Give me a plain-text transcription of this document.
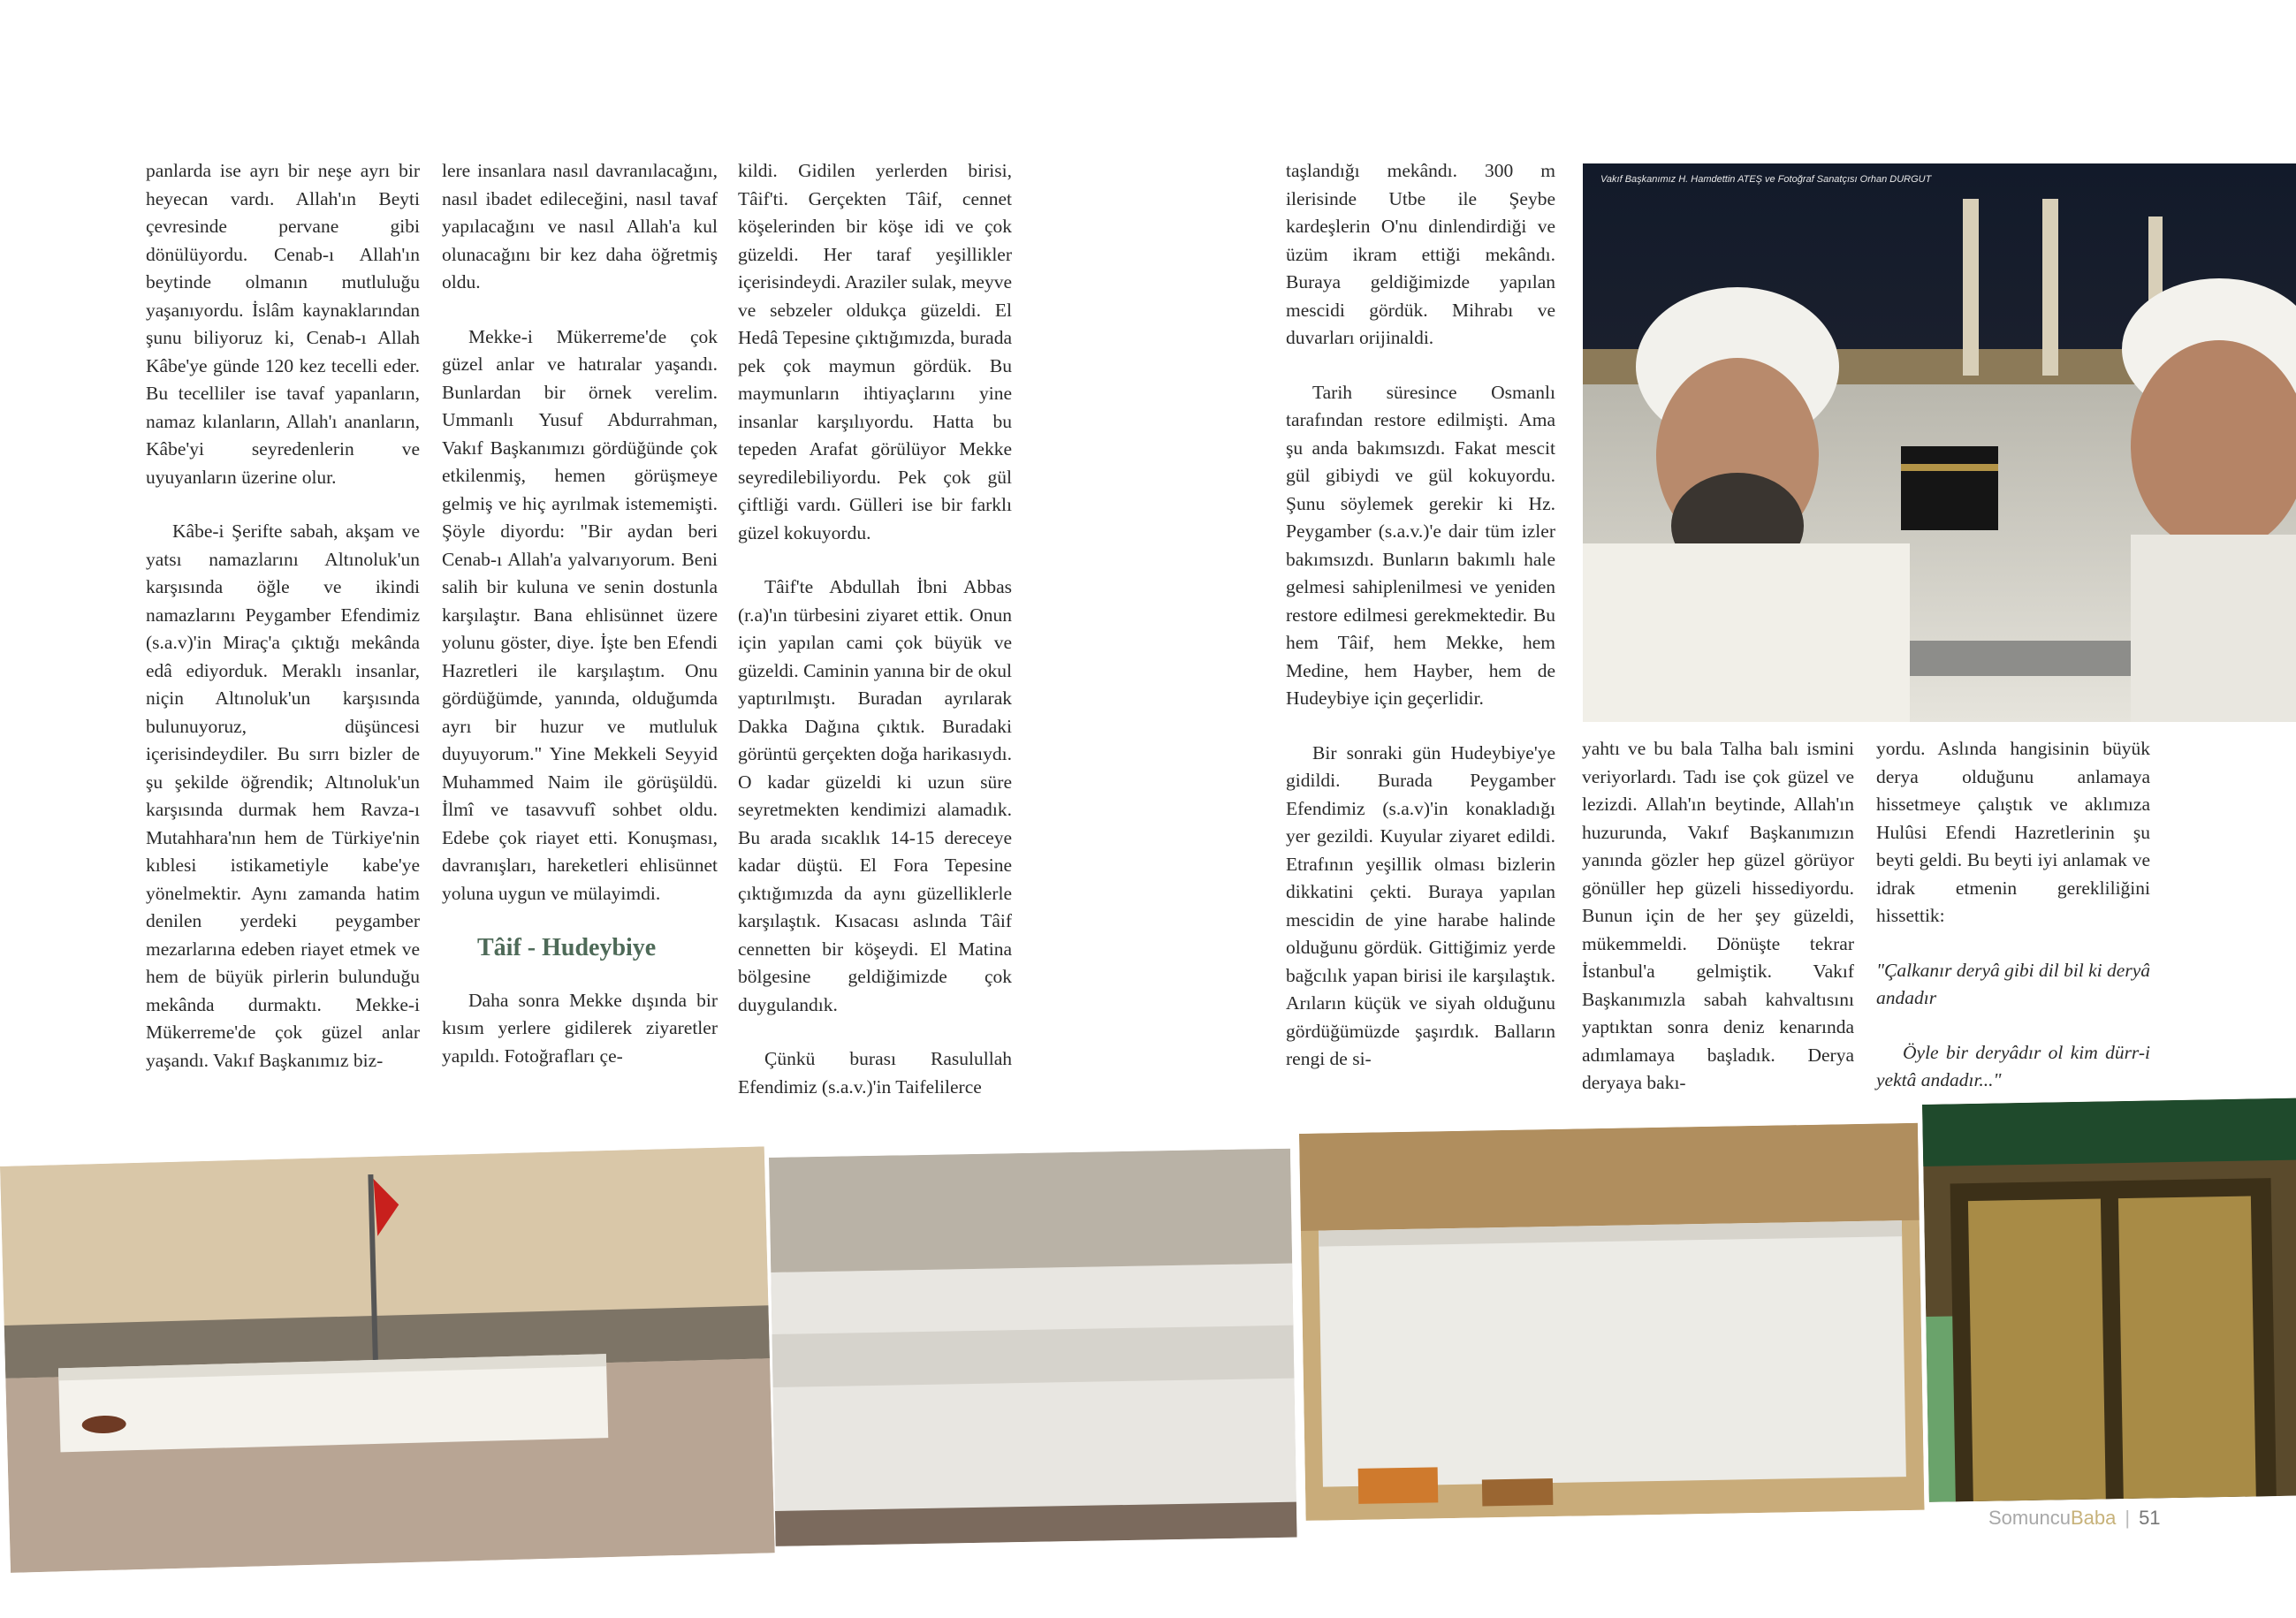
panlarda ise ayrı bir neşe ayrı bir heyecan vardı. Allah'ın Beyti çevresinde pervane gibi dönülüyordu. Cenab-ı Allah'ın beytinde olmanın mutluluğu yaşanıyordu. İslâm kaynaklarından şunu biliyoruz ki, Cenab-ı Allah Kâbe'ye günde 120 kez tecelli eder. Bu tecelliler ise tavaf yapanların, namaz kılanların, Allah'ı ananların, Kâbe'yi seyredenlerin ve uyuyanların üzerine olur.

Kâbe-i Şerifte sabah, akşam ve yatsı namazlarını Altınoluk'un karşısında öğle ve ikindi namazlarını Peygamber Efendimiz (s.a.v)'in Miraç'a çıktığı mekânda edâ ediyorduk. Meraklı insanlar, niçin Altınoluk'un karşısında bulunuyoruz, düşüncesi içerisindeydiler. Bu sırrı bizler de şu şekilde öğrendik; Altınoluk'un karşısında durmak hem Ravza-ı Mutahhara'nın hem de Türkiye'nin kıblesi istikametiyle kabe'ye yönelmektir. Aynı zamanda hatim denilen yerdeki peygamber mezarlarına edeben riayet etmek ve hem de büyük pirlerin bulunduğu mekânda durmaktı. Mekke-i Mükerreme'de çok güzel anlar yaşandı. Vakıf Başkanımız biz-

lere insanlara nasıl davranılacağını, nasıl ibadet edileceğini, nasıl tavaf yapılacağını ve nasıl Allah'a kul olunacağını bir kez daha öğretmiş oldu.

Mekke-i Mükerreme'de çok güzel anlar ve hatıralar yaşandı. Bunlardan bir örnek verelim. Ummanlı Yusuf Abdurrahman, Vakıf Başkanımızı gördüğünde çok etkilenmiş, hemen görüşmeye gelmiş ve hiç ayrılmak istememişti. Şöyle diyordu: "Bir aydan beri Cenab-ı Allah'a yalvarıyorum. Beni salih bir kuluna ve senin dostunla karşılaştır. Bana ehlisünnet üzere yolunu göster, diye. İşte ben Efendi Hazretleri ile karşılaştım. Onu gördüğümde, yanında, olduğumda ayrı bir huzur ve mutluluk duyuyorum." Yine Mekkeli Seyyid Muhammed Naim ile görüşüldü. İlmî ve tasavvufî sohbet oldu. Edebe çok riayet etti. Konuşması, davranışları, hareketleri ehlisünnet yoluna uygun ve mülayimdi.

Tâif - Hudeybiye

Daha sonra Mekke dışında bir kısım yerlere gidilerek ziyaretler yapıldı. Fotoğrafları çe-

kildi. Gidilen yerlerden birisi, Tâif'ti. Gerçekten Tâif, cennet köşelerinden bir köşe idi ve çok güzeldi. Her taraf yeşillikler içerisindeydi. Araziler sulak, meyve ve sebzeler oldukça güzeldi. El Hedâ Tepesine çıktığımızda, burada pek çok maymun gördük. Bu maymunların ihtiyaçlarını yine insanlar karşılıyordu. Hatta bu tepeden Arafat görülüyor Mekke seyredilebiliyordu. Pek çok gül çiftliği vardı. Gülleri ise bir farklı güzel kokuyordu.

Tâif'te Abdullah İbni Abbas (r.a)'ın türbesini ziyaret ettik. Onun için yapılan cami çok büyük ve güzeldi. Caminin yanına bir de okul yaptırılmıştı. Buradan ayrılarak Dakka Dağına çıktık. Buradaki görüntü gerçekten doğa harikasıydı. O kadar güzeldi ki uzun süre seyretmekten kendimizi alamadık. Bu arada sıcaklık 14-15 dereceye kadar düştü. El Fora Tepesine çıktığımızda da aynı güzelliklerle karşılaştık. Kısacası aslında Tâif cennetten bir köşeydi. El Matina bölgesine geldiğimizde çok duygulandık.

Çünkü burası Rasulullah Efendimiz (s.a.v.)'in Taifelilerce

taşlandığı mekândı. 300 m ilerisinde Utbe ile Şeybe kardeşlerin O'nu dinlendirdiği ve üzüm ikram ettiği mekândı. Buraya geldiğimizde yapılan mescidi gördük. Mihrabı ve duvarları orijinaldi.

Tarih süresince Osmanlı tarafından restore edilmişti. Ama şu anda bakımsızdı. Fakat mescit gül gibiydi ve gül kokuyordu. Şunu söylemek gerekir ki Hz. Peygamber (s.a.v.)'e dair tüm izler bakımsızdı. Bunların bakımlı hale gelmesi sahiplenilmesi ve yeniden restore edilmesi gerekmektedir. Bu hem Tâif, hem Mekke, hem Medine, hem Hayber, hem de Hudeybiye için geçerlidir.

Bir sonraki gün Hudeybiye'ye gidildi. Burada Peygamber Efendimiz (s.a.v)'in konakladığı yer gezildi. Kuyular ziyaret edildi. Etrafının yeşillik olması bizlerin dikkatini çekti. Buraya yapılan mescidin de yine harabe halinde olduğunu gördük. Gittiğimiz yerde bağcılık yapan birisi ile karşılaştık. Arıların küçük ve siyah olduğunu gördüğümüzde şaşırdık. Balların rengi de si-

yahtı ve bu bala Talha balı ismini veriyorlardı. Tadı ise çok güzel ve lezizdi. Allah'ın beytinde, Allah'ın huzurunda, Vakıf Başkanımızın yanında gözler hep güzel görüyor gönüller hep güzeli hissediyordu. Bunun için de her şey güzeldi, mükemmeldi. Dönüşte tekrar İstanbul'a gelmiştik. Vakıf Başkanımızla sabah kahvaltısını yaptıktan sonra deniz kenarında adımlamaya başladık. Derya deryaya bakı-

yordu. Aslında hangisinin büyük derya olduğunu anlamaya hissetmeye çalıştık ve aklımıza Hulûsi Efendi Hazretlerinin şu beyti geldi. Bu beyti iyi anlamak ve idrak etmenin gerekliliğini hissettik:

"Çalkanır deryâ gibi dil bil ki deryâ andadır

Öyle bir deryâdır ol kim dürr-i yektâ andadır..."

Vakıf Başkanımız H. Hamdettin ATEŞ ve Fotoğraf Sanatçısı Orhan DURGUT
SomuncuBaba | 51
